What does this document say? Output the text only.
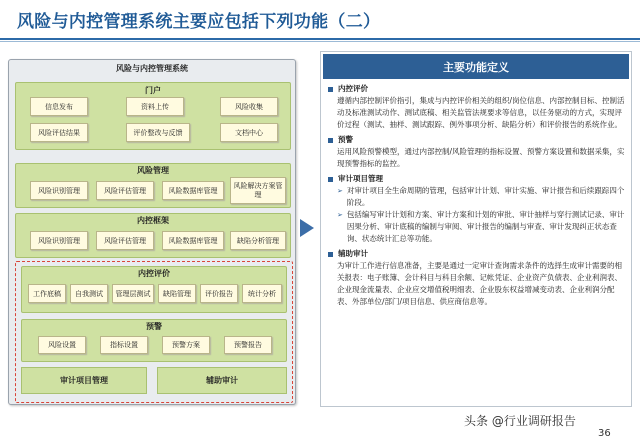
风险与内控管理系统主要应包括下列功能（二）
风险与内控管理系统
门户
信息发布	资料上传	风险收集
风险评估结果	评价整改与反馈	文档中心
风险管理
风险识别管理	风险评估管理	风险数据库管理
风险解决方案管理
内控框架
风险识别管理	风险评估管理	风险数据库管理	缺陷分析管理
内控评价
工作底稿	自我测试	管理层测试	缺陷管理	评价报告	统计分析
预警
风险设置	指标设置	预警方案	预警报告
审计项目管理	辅助审计
主要功能定义
内控评价
遵循内部控制评价指引，集成与内控评价相关的组织/岗位信息、内部控制目标、控制活动及标准测试动作、测试底稿、相关监管法规要求等信息，以任务驱动的方式，实现评价过程（测试、抽样、测试跟踪、例外事项分析、缺陷分析）和评价报告的系统作业。
预警
运用风险预警模型，通过内部控制/风险管理的指标设置、预警方案设置和数据采集，实现预警指标的监控。
审计项目管理
➢ 对审计项目全生命周期的管理，包括审计计划、审计实施、审计报告和后续跟踪四个阶段。
➢ 包括编写审计计划和方案、审计方案和计划的审批、审计抽样与穿行测试记录、审计因果分析、审计底稿的编制与审阅、审计报告的编制与审查、审计发现纠正状态查询、状态统计汇总等功能。
辅助审计
为审计工作进行信息准备，主要是通过一定审计查询需求条件的选择生成审计需要的相关报表：电子账簿、会计科目与科目余额、记帐凭证、企业资产负债表、企业利润表、企业现金流量表、企业应交增值税明细表、企业股东权益增减变动表、企业利润分配表、外部单位/部门/项目信息、供应商信息等。
头条 @行业调研报告
36
